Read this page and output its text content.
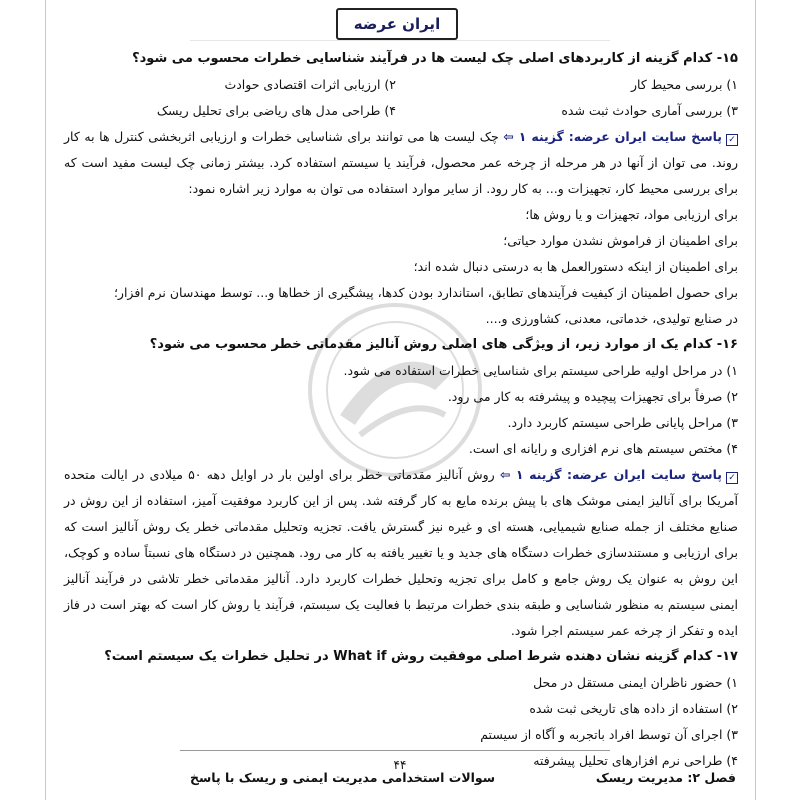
ایران عرضه

۱۵- کدام گزینه از کاربردهای اصلی چک لیست ها در فرآیند شناسایی خطرات محسوب می شود؟

۱) بررسی محیط کار
۲) ارزیابی اثرات اقتصادی حوادث
۳) بررسی آماری حوادث ثبت شده
۴) طراحی مدل های ریاضی برای تحلیل ریسک

✓پاسخ سایت ایران عرضه: گزینه ۱ ⇦ چک لیست ها می توانند برای شناسایی خطرات و ارزیابی اثربخشی کنترل ها به کار روند. می توان از آنها در هر مرحله از چرخه عمر محصول، فرآیند یا سیستم استفاده کرد. بیشتر زمانی چک لیست مفید است که برای بررسی محیط کار، تجهیزات و... به کار رود. از سایر موارد استفاده می توان به موارد زیر اشاره نمود:

برای ارزیابی مواد، تجهیزات و یا روش ها؛

برای اطمینان از فراموش نشدن موارد حیاتی؛

برای اطمینان از اینکه دستورالعمل ها به درستی دنبال شده اند؛

برای حصول اطمینان از کیفیت فرآیندهای تطابق، استاندارد بودن کدها، پیشگیری از خطاها و... توسط مهندسان نرم افزار؛

در صنایع تولیدی، خدماتی، معدنی، کشاورزی و....

۱۶- کدام یک از موارد زیر، از ویژگی های اصلی روش آنالیز مقدماتی خطر محسوب می شود؟

۱) در مراحل اولیه طراحی سیستم برای شناسایی خطرات استفاده می شود.
۲) صرفاً برای تجهیزات پیچیده و پیشرفته به کار می رود.
۳) مراحل پایانی طراحی سیستم کاربرد دارد.
۴) مختص سیستم های نرم افزاری و رایانه ای است.

✓پاسخ سایت ایران عرضه: گزینه ۱ ⇦ روش آنالیز مقدماتی خطر برای اولین بار در اوایل دهه ۵۰ میلادی در ایالت متحده آمریکا برای آنالیز ایمنی موشک های با پیش برنده مایع به کار گرفته شد. پس از این کاربرد موفقیت آمیز، استفاده از این روش در صنایع مختلف از جمله صنایع شیمیایی، هسته ای و غیره نیز گسترش یافت. تجزیه وتحلیل مقدماتی خطر یک روش آنالیز است که برای ارزیابی و مستندسازی خطرات دستگاه های جدید و یا تغییر یافته به کار می رود. همچنین در دستگاه های نسبتاً ساده و کوچک، این روش به عنوان یک روش جامع و کامل برای تجزیه وتحلیل خطرات کاربرد دارد. آنالیز مقدماتی خطر تلاشی در فرآیند آنالیز ایمنی سیستم به منظور شناسایی و طبقه بندی خطرات مرتبط با فعالیت یک سیستم، فرآیند یا روش کار است که بهتر است در فاز ایده و تفکر از چرخه عمر سیستم اجرا شود.

۱۷- کدام گزینه نشان دهنده شرط اصلی موفقیت روش What if در تحلیل خطرات یک سیستم است؟

۱) حضور ناظران ایمنی مستقل در محل
۲) استفاده از داده های تاریخی ثبت شده
۳) اجرای آن توسط افراد باتجربه و آگاه از سیستم
۴) طراحی نرم افزارهای تحلیل پیشرفته
۴۴
فصل ۲: مدیریت ریسک
سوالات استخدامی مدیریت ایمنی و ریسک با پاسخ
